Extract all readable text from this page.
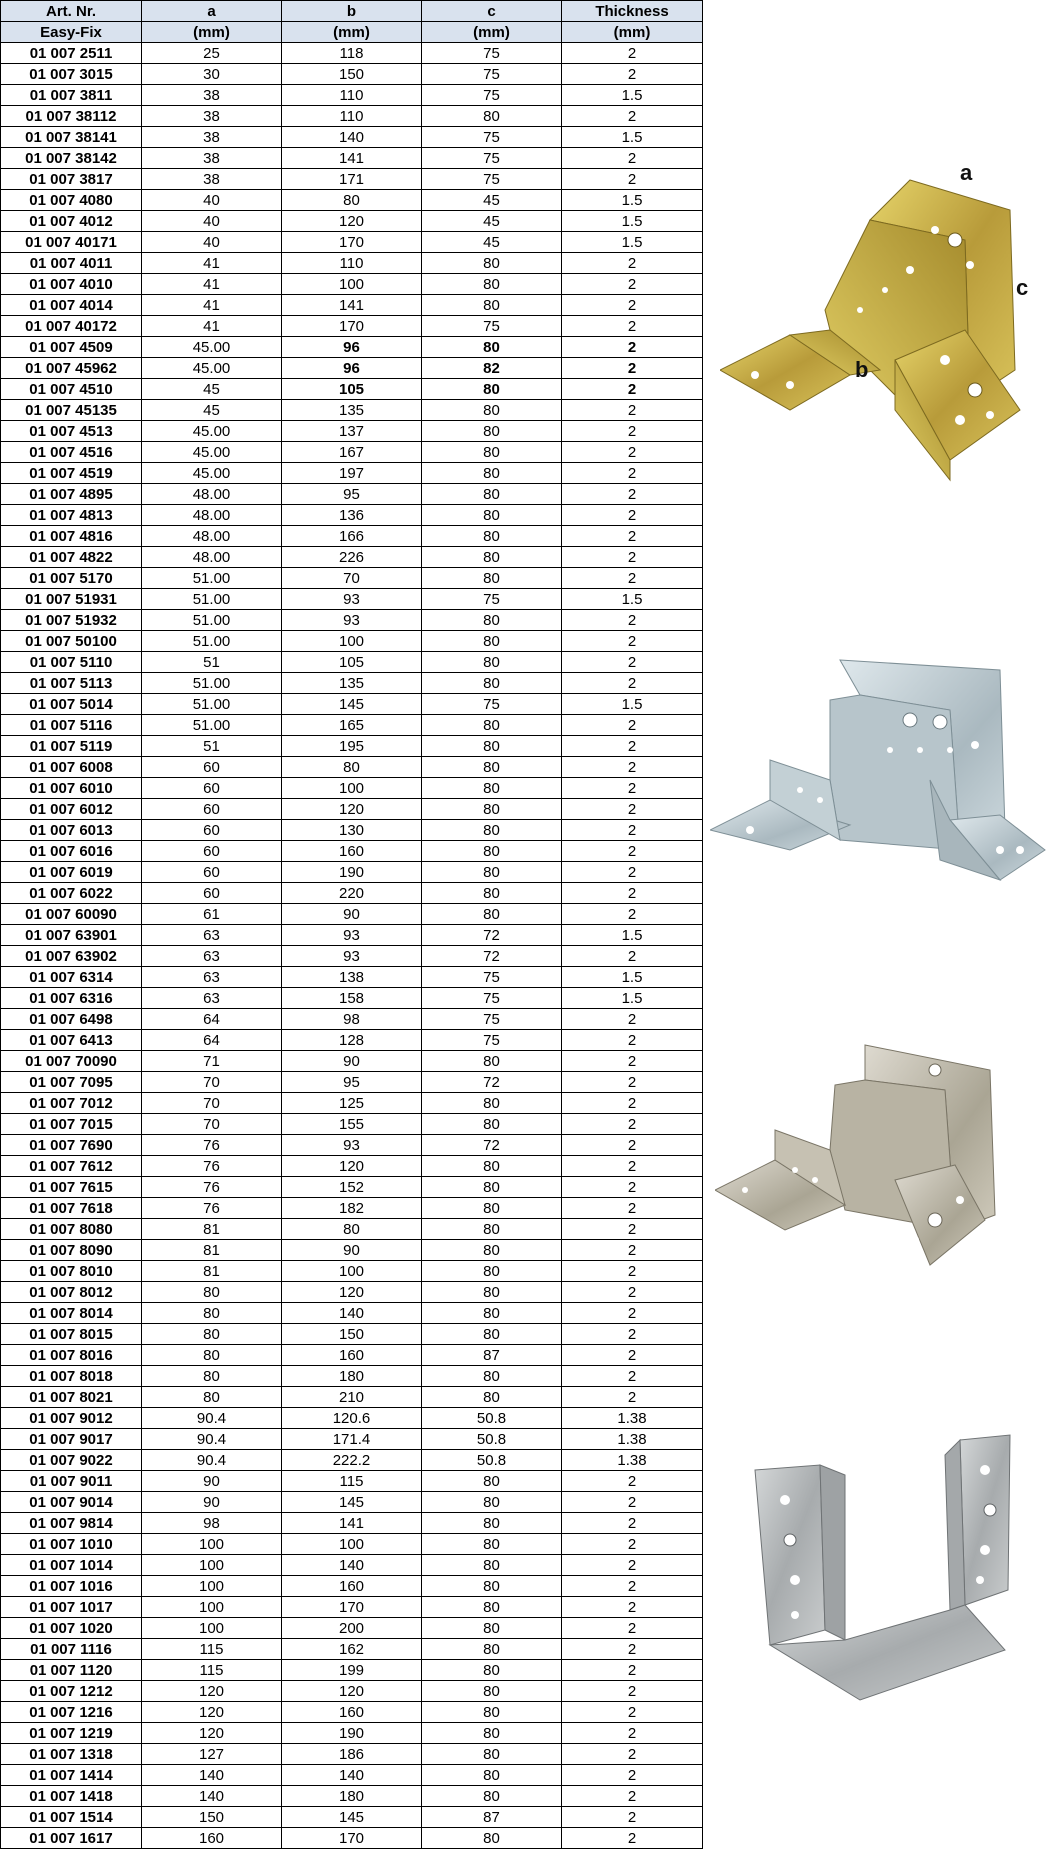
Art. Nr.	a	b	c	Thickness
Easy-Fix	(mm)	(mm)	(mm)	(mm)
01 007 2511	25	118	75	2
01 007 3015	30	150	75	2
01 007 3811	38	110	75	1.5
01 007 38112	38	110	80	2
01 007 38141	38	140	75	1.5
01 007 38142	38	141	75	2
01 007 3817	38	171	75	2
01 007 4080	40	80	45	1.5
01 007 4012	40	120	45	1.5
01 007 40171	40	170	45	1.5
01 007 4011	41	110	80	2
01 007 4010	41	100	80	2
01 007 4014	41	141	80	2
01 007 40172	41	170	75	2
01 007 4509	45.00	96	80	2
01 007 45962	45.00	96	82	2
01 007 4510	45	105	80	2
01 007 45135	45	135	80	2
01 007 4513	45.00	137	80	2
01 007 4516	45.00	167	80	2
01 007 4519	45.00	197	80	2
01 007 4895	48.00	95	80	2
01 007 4813	48.00	136	80	2
01 007 4816	48.00	166	80	2
01 007 4822	48.00	226	80	2
01 007 5170	51.00	70	80	2
01 007 51931	51.00	93	75	1.5
01 007 51932	51.00	93	80	2
01 007 50100	51.00	100	80	2
01 007 5110	51	105	80	2
01 007 5113	51.00	135	80	2
01 007 5014	51.00	145	75	1.5
01 007 5116	51.00	165	80	2
01 007 5119	51	195	80	2
01 007 6008	60	80	80	2
01 007 6010	60	100	80	2
01 007 6012	60	120	80	2
01 007 6013	60	130	80	2
01 007 6016	60	160	80	2
01 007 6019	60	190	80	2
01 007 6022	60	220	80	2
01 007 60090	61	90	80	2
01 007 63901	63	93	72	1.5
01 007 63902	63	93	72	2
01 007 6314	63	138	75	1.5
01 007 6316	63	158	75	1.5
01 007 6498	64	98	75	2
01 007 6413	64	128	75	2
01 007 70090	71	90	80	2
01 007 7095	70	95	72	2
01 007 7012	70	125	80	2
01 007 7015	70	155	80	2
01 007 7690	76	93	72	2
01 007 7612	76	120	80	2
01 007 7615	76	152	80	2
01 007 7618	76	182	80	2
01 007 8080	81	80	80	2
01 007 8090	81	90	80	2
01 007 8010	81	100	80	2
01 007 8012	80	120	80	2
01 007 8014	80	140	80	2
01 007 8015	80	150	80	2
01 007 8016	80	160	87	2
01 007 8018	80	180	80	2
01 007 8021	80	210	80	2
01 007 9012	90.4	120.6	50.8	1.38
01 007 9017	90.4	171.4	50.8	1.38
01 007 9022	90.4	222.2	50.8	1.38
01 007 9011	90	115	80	2
01 007 9014	90	145	80	2
01 007 9814	98	141	80	2
01 007 1010	100	100	80	2
01 007 1014	100	140	80	2
01 007 1016	100	160	80	2
01 007 1017	100	170	80	2
01 007 1020	100	200	80	2
01 007 1116	115	162	80	2
01 007 1120	115	199	80	2
01 007 1212	120	120	80	2
01 007 1216	120	160	80	2
01 007 1219	120	190	80	2
01 007 1318	127	186	80	2
01 007 1414	140	140	80	2
01 007 1418	140	180	80	2
01 007 1514	150	145	87	2
01 007 1617	160	170	80	2
a
c
b
